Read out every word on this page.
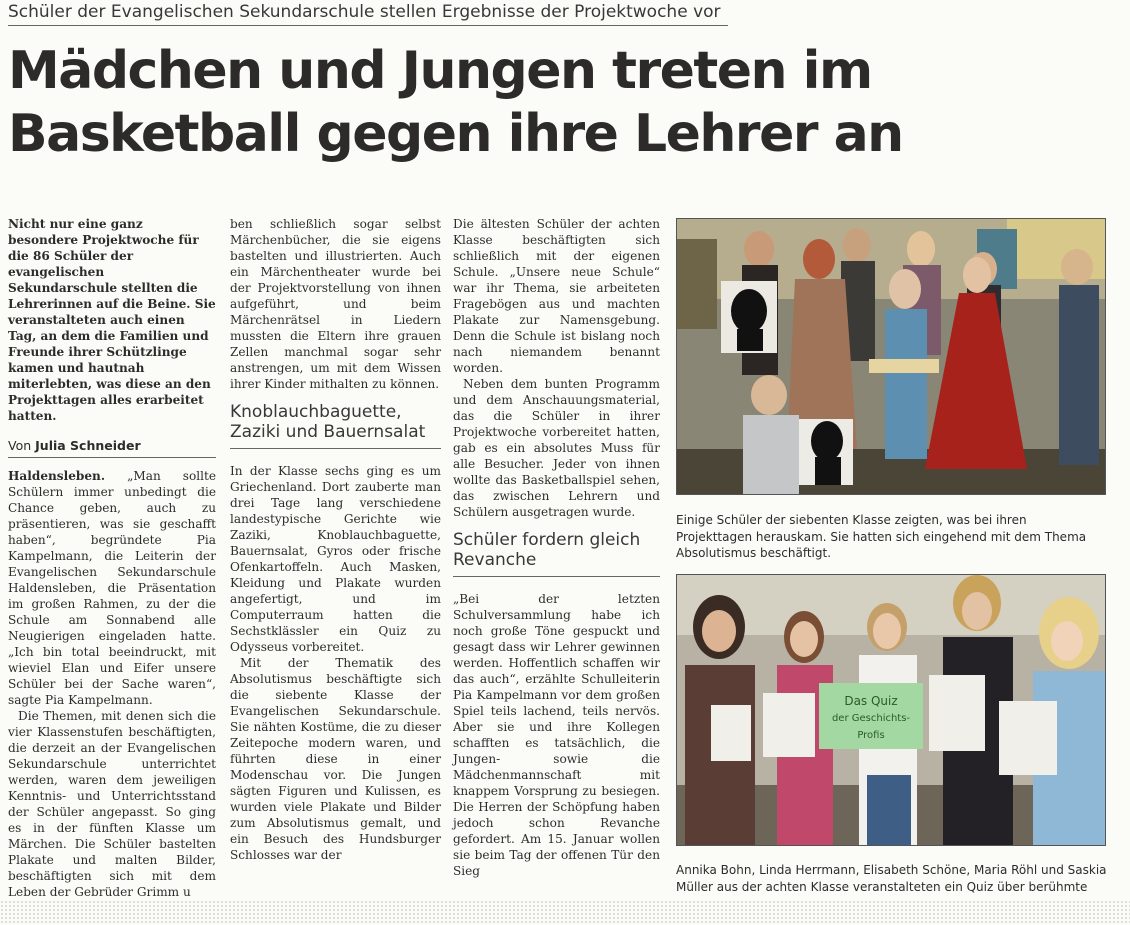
Schüler der Evangelischen Sekundarschule stellen Ergebnisse der Projektwoche vor
Mädchen und Jungen treten im
Basketball gegen ihre Lehrer an

Nicht nur eine ganz besondere Projektwoche für die 86 Schüler der evangelischen Sekundarschule stellten die Lehrerinnen auf die Beine. Sie veranstalteten auch einen Tag, an dem die Familien und Freunde ihrer Schützlinge kamen und hautnah miterlebten, was diese an den Projekttagen alles erarbeitet hatten.

Von Julia Schneider

Haldensleben. „Man sollte Schülern immer unbedingt die Chance geben, auch zu präsentieren, was sie geschafft haben“, begründete Pia Kampelmann, die Leiterin der Evangelischen Sekundarschule Haldensleben, die Präsentation im großen Rahmen, zu der die Schule am Sonnabend alle Neugierigen eingeladen hatte. „Ich bin total beeindruckt, mit wieviel Elan und Eifer unsere Schüler bei der Sache waren“, sagte Pia Kampelmann.

Die Themen, mit denen sich die vier Klassenstufen beschäftigten, die derzeit an der Evangelischen Sekundarschule unterrichtet werden, waren dem jeweiligen Kenntnis- und Unterrichtsstand der Schüler angepasst. So ging es in der fünften Klasse um Märchen. Die Schüler bastelten Plakate und malten Bilder, beschäftigten sich mit dem Leben der Gebrüder Grimm u

ben schließlich sogar selbst Märchenbücher, die sie eigens bastelten und illustrierten. Auch ein Märchentheater wurde bei der Projektvorstellung von ihnen aufgeführt, und beim Märchenrätsel in Liedern mussten die Eltern ihre grauen Zellen manchmal sogar sehr anstrengen, um mit dem Wissen ihrer Kinder mithalten zu können.

Knoblauchbaguette, Zaziki und Bauernsalat

In der Klasse sechs ging es um Griechenland. Dort zauberte man drei Tage lang verschiedene landestypische Gerichte wie Zaziki, Knoblauchbaguette, Bauernsalat, Gyros oder frische Ofenkartoffeln. Auch Masken, Kleidung und Plakate wurden angefertigt, und im Computerraum hatten die Sechstklässler ein Quiz zu Odysseus vorbereitet.

Mit der Thematik des Absolutismus beschäftigte sich die siebente Klasse der Evangelischen Sekundarschule. Sie nähten Kostüme, die zu dieser Zeitepoche modern waren, und führten diese in einer Modenschau vor. Die Jungen sägten Figuren und Kulissen, es wurden viele Plakate und Bilder zum Absolutismus gemalt, und ein Besuch des Hundsburger Schlosses war der

Die ältesten Schüler der achten Klasse beschäftigten sich schließlich mit der eigenen Schule. „Unsere neue Schule“ war ihr Thema, sie arbeiteten Fragebögen aus und machten Plakate zur Namensgebung. Denn die Schule ist bislang noch nach niemandem benannt worden.

Neben dem bunten Programm und dem Anschauungsmaterial, das die Schüler in ihrer Projektwoche vorbereitet hatten, gab es ein absolutes Muss für alle Besucher. Jeder von ihnen wollte das Basketballspiel sehen, das zwischen Lehrern und Schülern ausgetragen wurde.

Schüler fordern gleich Revanche

„Bei der letzten Schulversammlung habe ich noch große Töne gespuckt und gesagt dass wir Lehrer gewinnen werden. Hoffentlich schaffen wir das auch“, erzählte Schulleiterin Pia Kampelmann vor dem großen Spiel teils lachend, teils nervös. Aber sie und ihre Kollegen schafften es tatsächlich, die Jungen- sowie die Mädchenmannschaft mit knappem Vorsprung zu besiegen. Die Herren der Schöpfung haben jedoch schon Revanche gefordert. Am 15. Januar wollen sie beim Tag der offenen Tür den Sieg

Einige Schüler der siebenten Klasse zeigten, was bei ihren Projekttagen herauskam. Sie hatten sich eingehend mit dem Thema Absolutismus beschäftigt.
Das Quiz
der Geschichts-
Profis
Annika Bohn, Linda Herrmann, Elisabeth Schöne, Maria Röhl und Saskia Müller aus der achten Klasse veranstalteten ein Quiz über berühmte
